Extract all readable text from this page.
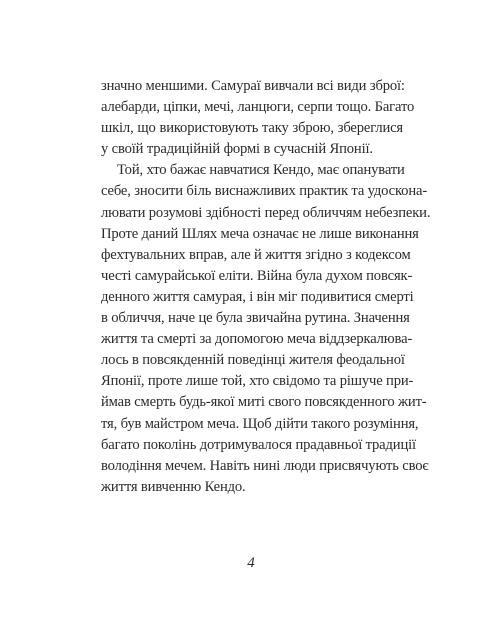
значно меншими. Самураї вивчали всі види зброї:
алебарди, ціпки, мечі, ланцюги, серпи тощо. Багато
шкіл, що використовують таку зброю, збереглися
у своїй традиційній формі в сучасній Японії.
Той, хто бажає навчатися Кендо, має опанувати
себе, зносити біль виснажливих практик та удоскона-
лювати розумові здібності перед обличчям небезпеки.
Проте даний Шлях меча означає не лише виконання
фехтувальних вправ, але й життя згідно з кодексом
честі самурайської еліти. Війна була духом повсяк-
денного життя самурая, і він міг подивитися смерті
в обличчя, наче це була звичайна рутина. Значення
життя та смерті за допомогою меча віддзеркалюва-
лось в повсякденній поведінці жителя феодальної
Японії, проте лише той, хто свідомо та рішуче при-
ймав смерть будь-якої миті свого повсякденного жит-
тя, був майстром меча. Щоб дійти такого розуміння,
багато поколінь дотримувалося прадавньої традиції
володіння мечем. Навіть нині люди присвячують своє
життя вивченню Кендо.
4
